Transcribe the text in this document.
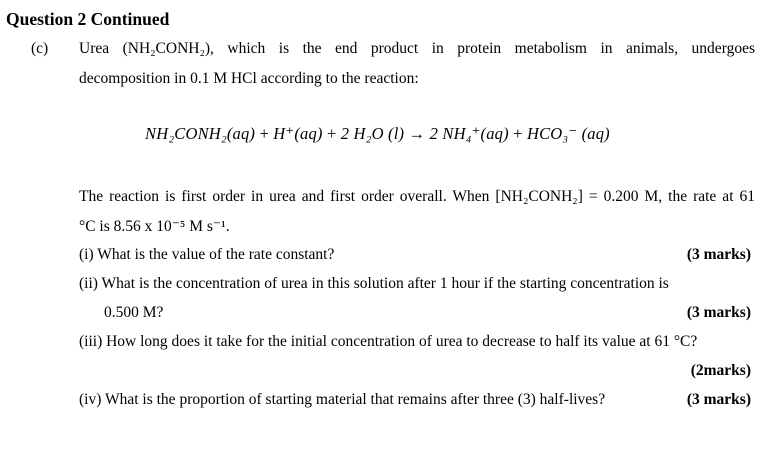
Question 2 Continued
(c) Urea (NH₂CONH₂), which is the end product in protein metabolism in animals, undergoes
decomposition in 0.1 M HCl according to the reaction:
NH₂CONH₂(aq) + H⁺(aq) + 2 H₂O (l) → 2 NH₄⁺(aq) + HCO₃⁻ (aq)
The reaction is first order in urea and first order overall. When [NH₂CONH₂] = 0.200 M, the rate at 61
°C is 8.56 x 10⁻⁵ M s⁻¹.
(i) What is the value of the rate constant?	(3 marks)
(ii) What is the concentration of urea in this solution after 1 hour if the starting concentration is
0.500 M?	(3 marks)
(iii) How long does it take for the initial concentration of urea to decrease to half its value at 61 °C?
(2marks)
(iv) What is the proportion of starting material that remains after three (3) half-lives?	(3 marks)
